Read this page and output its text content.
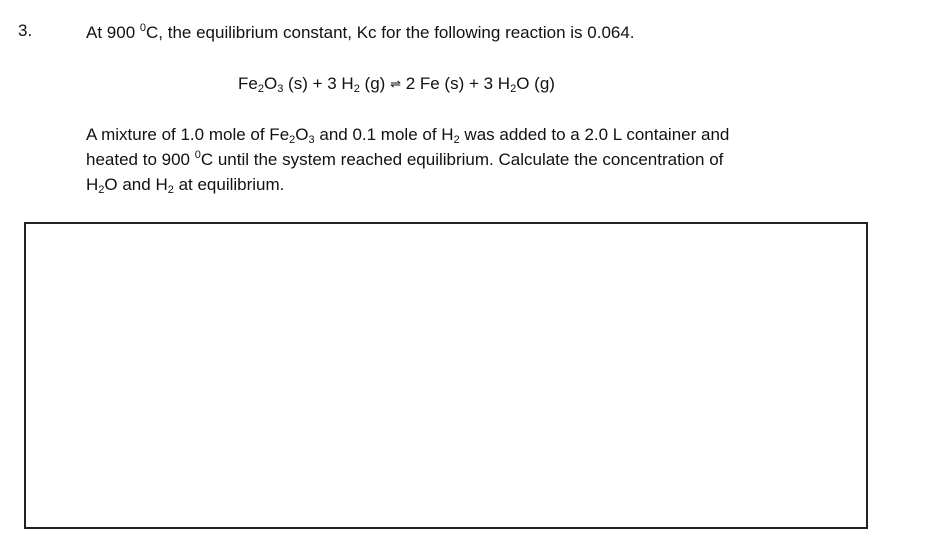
3.	At 900 $^0$C, the equilibrium constant, Kc for the following reaction is 0.064.
$Fe_2O_3$ (s) + 3 $H_2$ (g) ⇌ 2 Fe (s) + 3 $H_2O$ (g)
A mixture of 1.0 mole of $Fe_2O_3$ and 0.1 mole of $H_2$ was added to a 2.0 L container and
heated to 900 $^0$C until the system reached equilibrium. Calculate the concentration of
$H_2O$ and $H_2$ at equilibrium.
